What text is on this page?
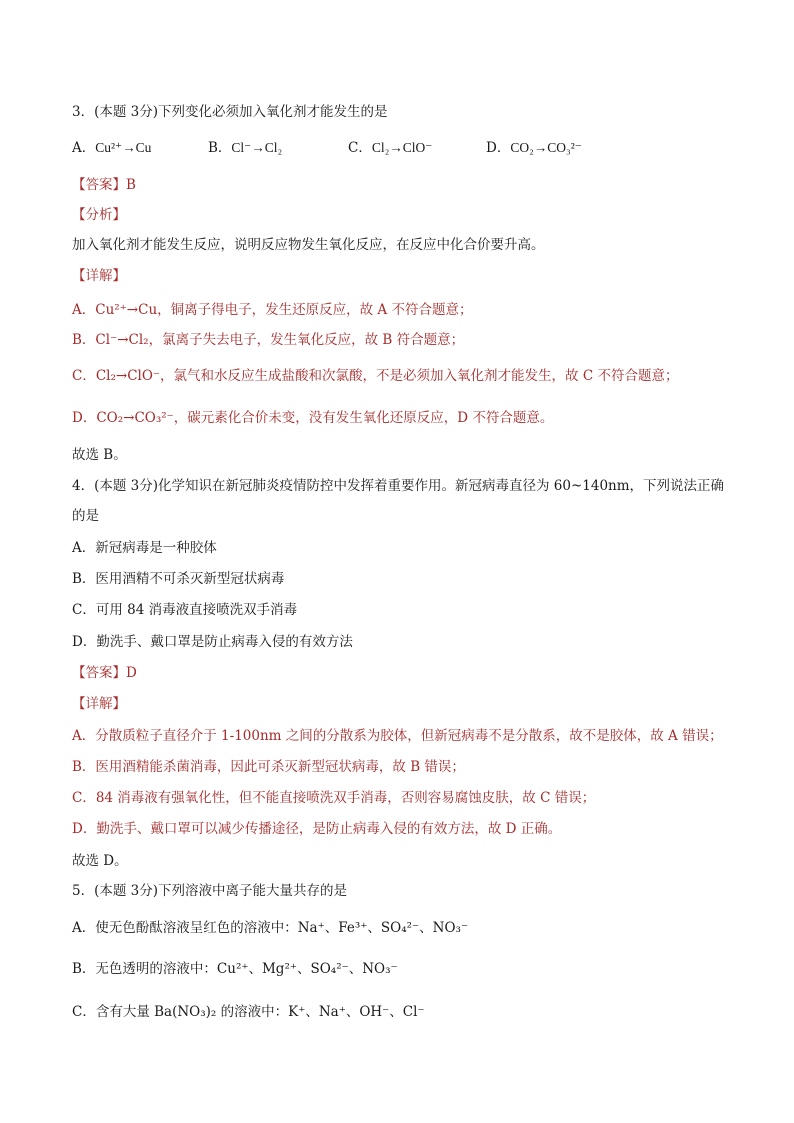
3．(本题 3分)下列变化必须加入氧化剂才能发生的是
A．Cu²⁺→Cu	B．Cl⁻→Cl₂	C．Cl₂→ClO⁻	D．CO₂→CO₃²⁻
【答案】B
【分析】
加入氧化剂才能发生反应，说明反应物发生氧化反应，在反应中化合价要升高。
【详解】
A．Cu²⁺→Cu，铜离子得电子，发生还原反应，故 A 不符合题意；
B．Cl⁻→Cl₂，氯离子失去电子，发生氧化反应，故 B 符合题意；
C．Cl₂→ClO⁻，氯气和水反应生成盐酸和次氯酸，不是必须加入氧化剂才能发生，故 C 不符合题意；
D．CO₂→CO₃²⁻，碳元素化合价未变，没有发生氧化还原反应，D 不符合题意。
故选 B。
4．(本题 3分)化学知识在新冠肺炎疫情防控中发挥着重要作用。新冠病毒直径为 60~140nm，下列说法正确
的是
A．新冠病毒是一种胶体
B．医用酒精不可杀灭新型冠状病毒
C．可用 84 消毒液直接喷洗双手消毒
D．勤洗手、戴口罩是防止病毒入侵的有效方法
【答案】D
【详解】
A．分散质粒子直径介于 1-100nm 之间的分散系为胶体，但新冠病毒不是分散系，故不是胶体，故 A 错误；
B．医用酒精能杀菌消毒，因此可杀灭新型冠状病毒，故 B 错误；
C．84 消毒液有强氧化性，但不能直接喷洗双手消毒，否则容易腐蚀皮肤，故 C 错误；
D．勤洗手、戴口罩可以减少传播途径，是防止病毒入侵的有效方法，故 D 正确。
故选 D。
5．(本题 3分)下列溶液中离子能大量共存的是
A．使无色酚酞溶液呈红色的溶液中：Na⁺、Fe³⁺、SO₄²⁻、NO₃⁻
B．无色透明的溶液中：Cu²⁺、Mg²⁺、SO₄²⁻、NO₃⁻
C．含有大量 Ba(NO₃)₂ 的溶液中：K⁺、Na⁺、OH⁻、Cl⁻
